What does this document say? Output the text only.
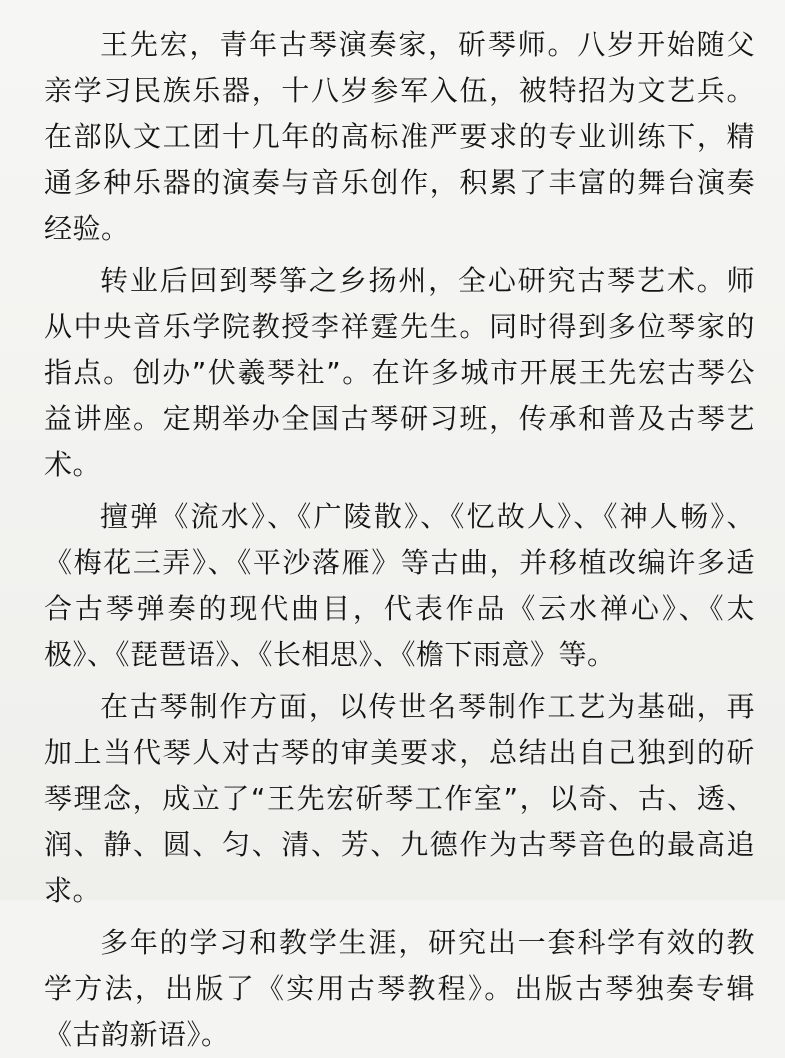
王先宏，青年古琴演奏家，斫琴师。八岁开始随父亲学习民族乐器，十八岁参军入伍，被特招为文艺兵。在部队文工团十几年的高标准严要求的专业训练下，精通多种乐器的演奏与音乐创作，积累了丰富的舞台演奏经验。

转业后回到琴筝之乡扬州，全心研究古琴艺术。师从中央音乐学院教授李祥霆先生。同时得到多位琴家的指点。创办”伏羲琴社”。在许多城市开展王先宏古琴公益讲座。定期举办全国古琴研习班，传承和普及古琴艺术。

擅弹《流水》、《广陵散》、《忆故人》、《神人畅》、《梅花三弄》、《平沙落雁》等古曲，并移植改编许多适合古琴弹奏的现代曲目，代表作品《云水禅心》、《太极》、《琵琶语》、《长相思》、《檐下雨意》等。

在古琴制作方面，以传世名琴制作工艺为基础，再加上当代琴人对古琴的审美要求，总结出自己独到的斫琴理念，成立了“王先宏斫琴工作室”，以奇、古、透、润、静、圆、匀、清、芳、九德作为古琴音色的最高追求。

多年的学习和教学生涯，研究出一套科学有效的教学方法，出版了《实用古琴教程》。出版古琴独奏专辑《古韵新语》。
